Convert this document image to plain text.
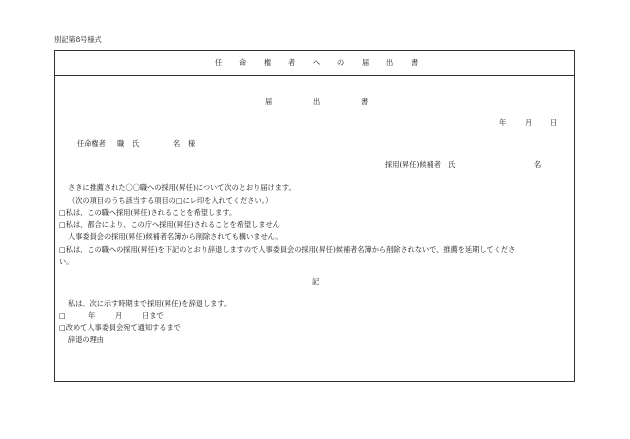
別記第8号様式
任 命 権 者 へ の 届 出 書
届	出	書
年	月 日
任命権者 職 氏	名 様
採用(昇任)候補者　氏	名
さきに推薦された〇〇職への採用(昇任)について次のとおり届けます。
（次の項目のうち該当する項目の□にレ印を入れてください。）
□私は、この職へ採用(昇任)されることを希望します。
□私は、都合により、この庁へ採用(昇任)されることを希望しません
人事委員会の採用(昇任)候補者名簿から削除されても構いません。
□私は、この職への採用(昇任)を下記のとおり辞退しますので人事委員会の採用(昇任)候補者名簿から削除されないで、推薦を延期してくださ
い。
記
私は、次に示す時期まで採用(昇任)を辞退します。
□	年	月	日まで
□改めて人事委員会宛て通知するまで
辞退の理由
